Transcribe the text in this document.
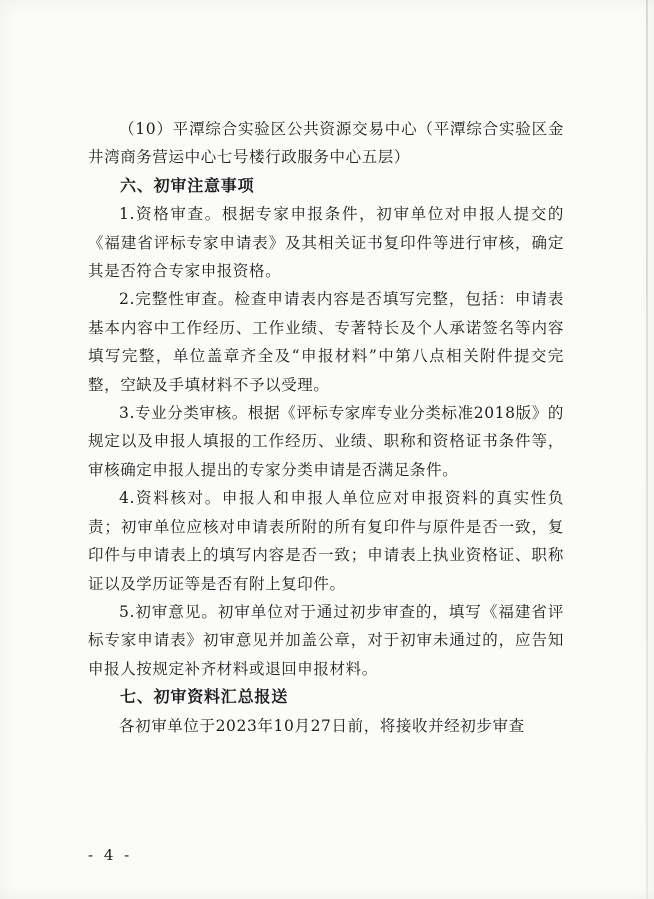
（10）平潭综合实验区公共资源交易中心（平潭综合实验区金井湾商务营运中心七号楼行政服务中心五层）

六、初审注意事项

1.资格审查。根据专家申报条件，初审单位对申报人提交的《福建省评标专家申请表》及其相关证书复印件等进行审核，确定其是否符合专家申报资格。

2.完整性审查。检查申请表内容是否填写完整，包括：申请表基本内容中工作经历、工作业绩、专著特长及个人承诺签名等内容填写完整，单位盖章齐全及“申报材料”中第八点相关附件提交完整，空缺及手填材料不予以受理。

3.专业分类审核。根据《评标专家库专业分类标准2018版》的规定以及申报人填报的工作经历、业绩、职称和资格证书条件等，审核确定申报人提出的专家分类申请是否满足条件。

4.资料核对。申报人和申报人单位应对申报资料的真实性负责；初审单位应核对申请表所附的所有复印件与原件是否一致，复印件与申请表上的填写内容是否一致；申请表上执业资格证、职称证以及学历证等是否有附上复印件。

5.初审意见。初审单位对于通过初步审查的，填写《福建省评标专家申请表》初审意见并加盖公章，对于初审未通过的，应告知申报人按规定补齐材料或退回申报材料。

七、初审资料汇总报送

各初审单位于2023年10月27日前，将接收并经初步审查

- 4 -
